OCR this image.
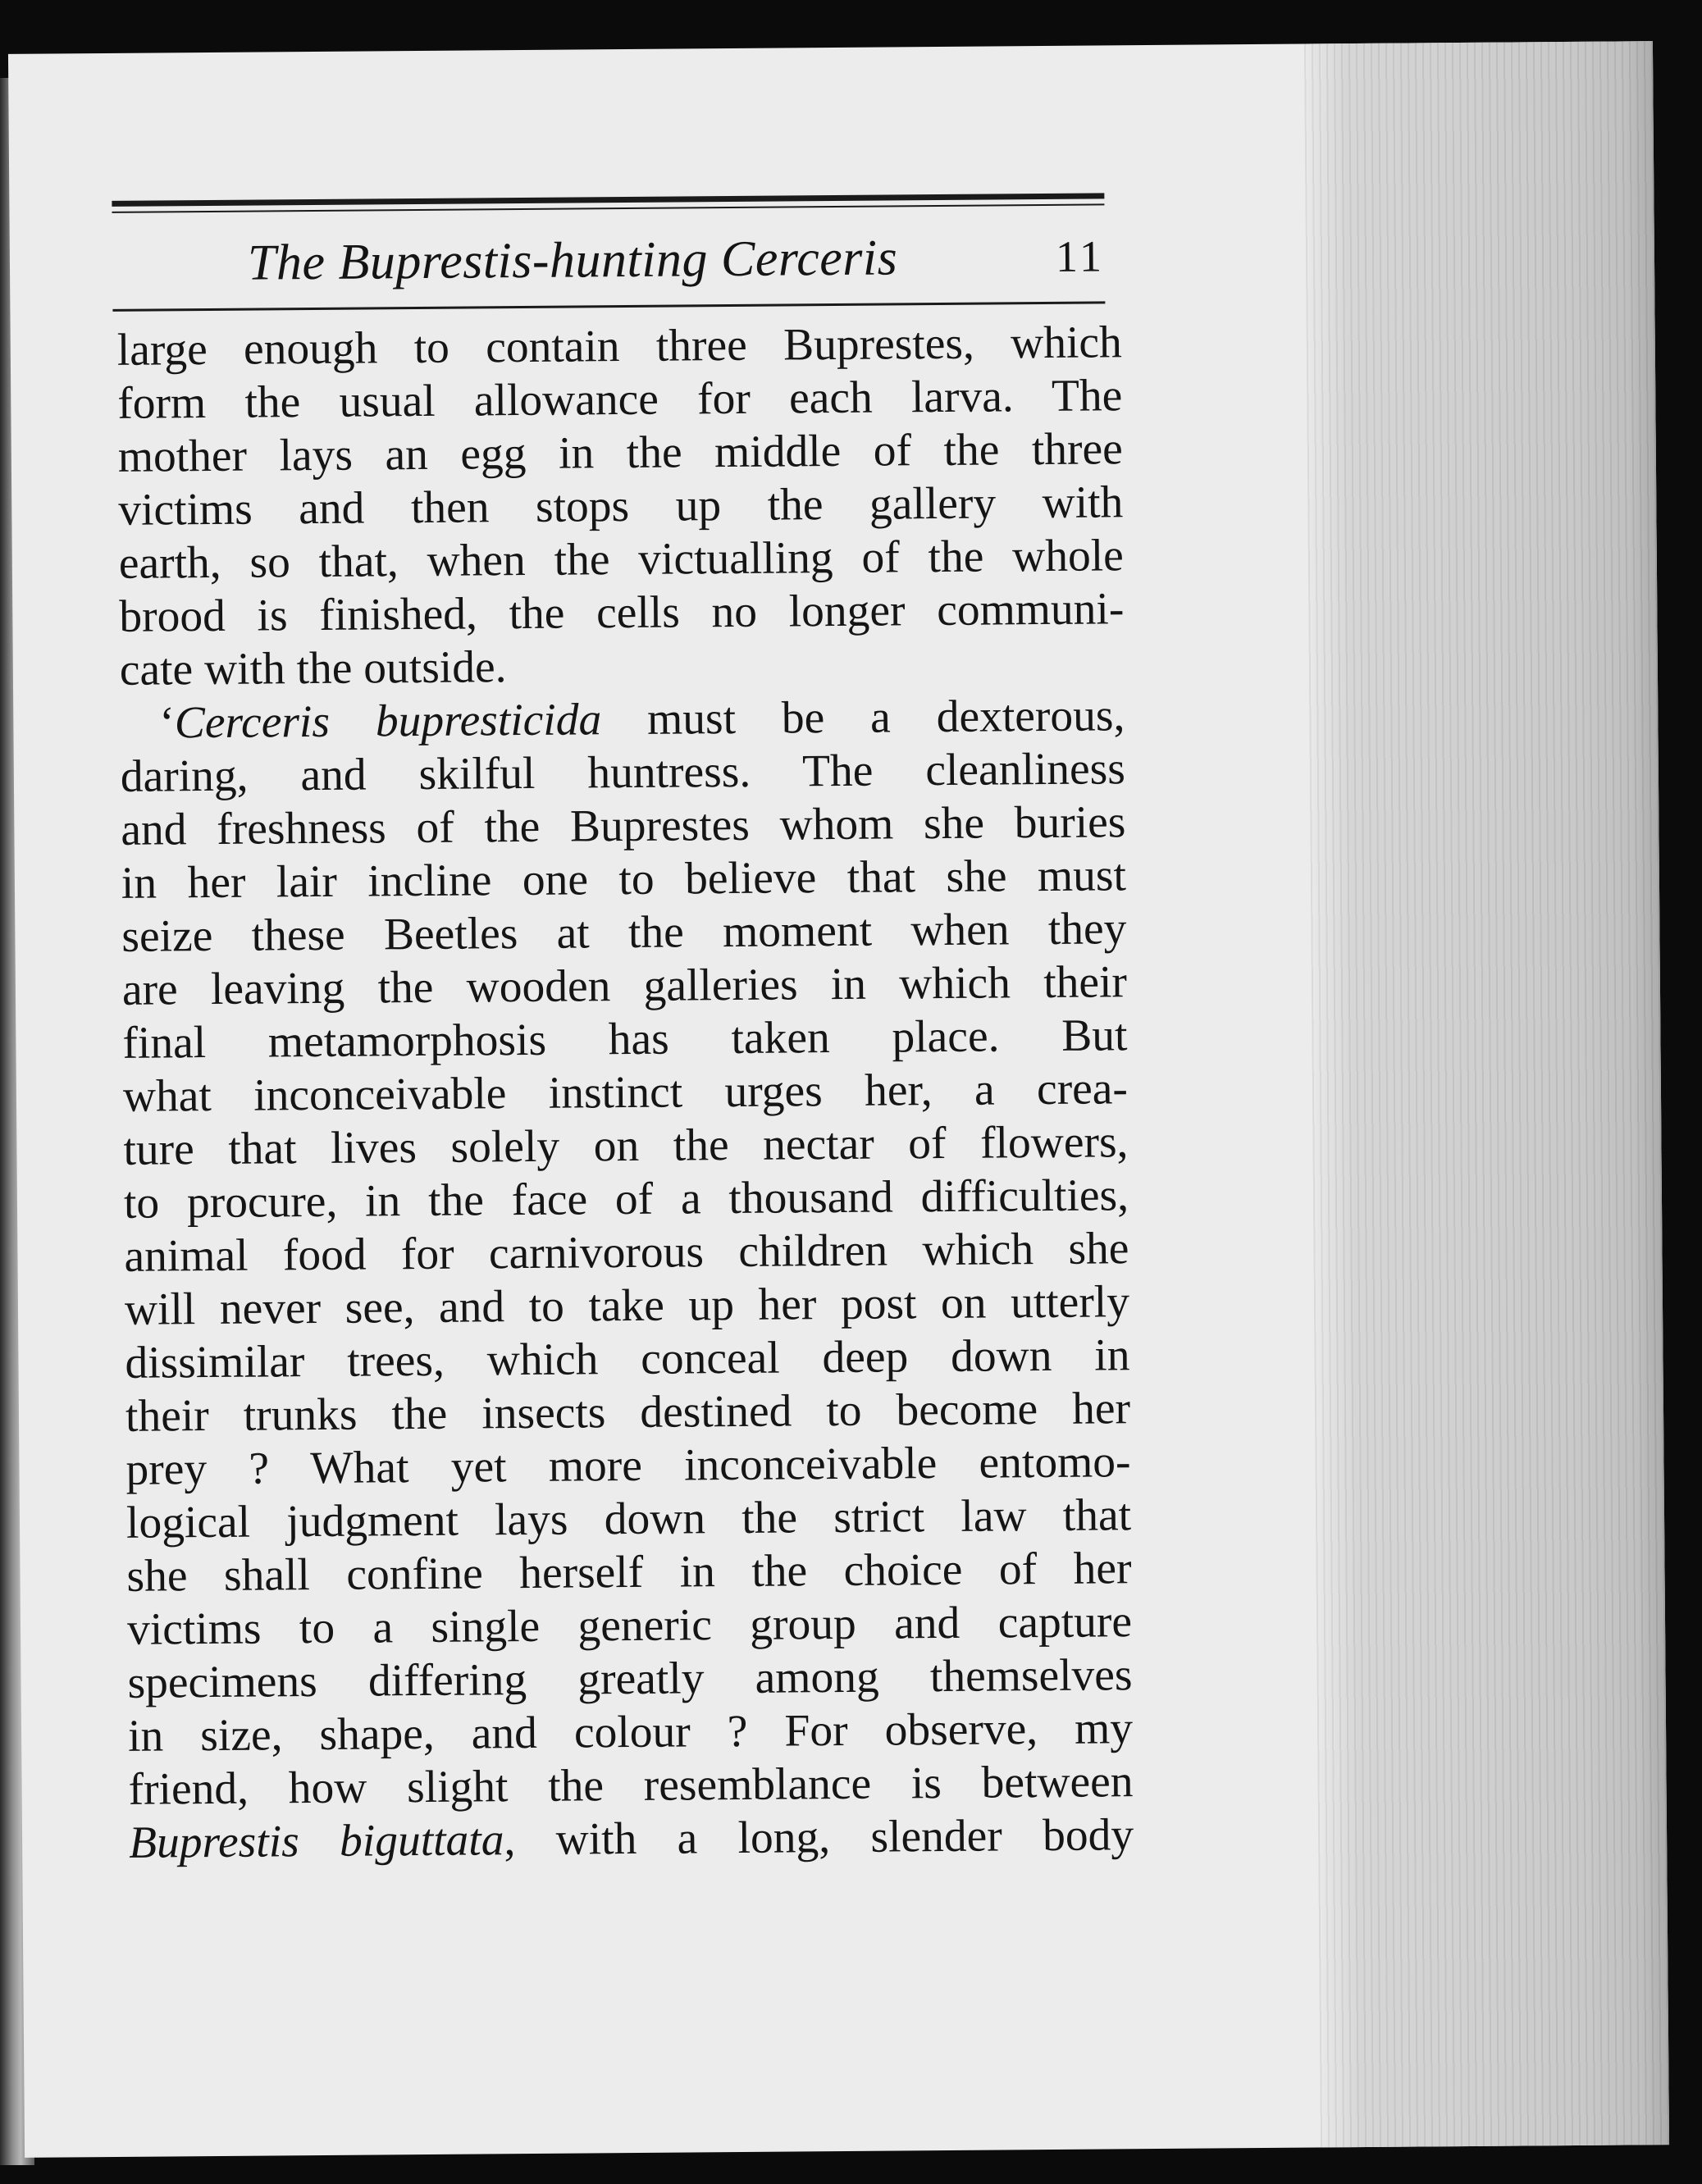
The Buprestis-hunting Cerceris	11
large enough to contain three Buprestes, which
form the usual allowance for each larva. The
mother lays an egg in the middle of the three
victims and then stops up the gallery with
earth, so that, when the victualling of the whole
brood is finished, the cells no longer communi-
cate with the outside.
‘Cerceris bupresticida must be a dexterous,
daring, and skilful huntress. The cleanliness
and freshness of the Buprestes whom she buries
in her lair incline one to believe that she must
seize these Beetles at the moment when they
are leaving the wooden galleries in which their
final metamorphosis has taken place. But
what inconceivable instinct urges her, a crea-
ture that lives solely on the nectar of flowers,
to procure, in the face of a thousand difficulties,
animal food for carnivorous children which she
will never see, and to take up her post on utterly
dissimilar trees, which conceal deep down in
their trunks the insects destined to become her
prey ? What yet more inconceivable entomo-
logical judgment lays down the strict law that
she shall confine herself in the choice of her
victims to a single generic group and capture
specimens differing greatly among themselves
in size, shape, and colour ? For observe, my
friend, how slight the resemblance is between
Buprestis biguttata, with a long, slender body
